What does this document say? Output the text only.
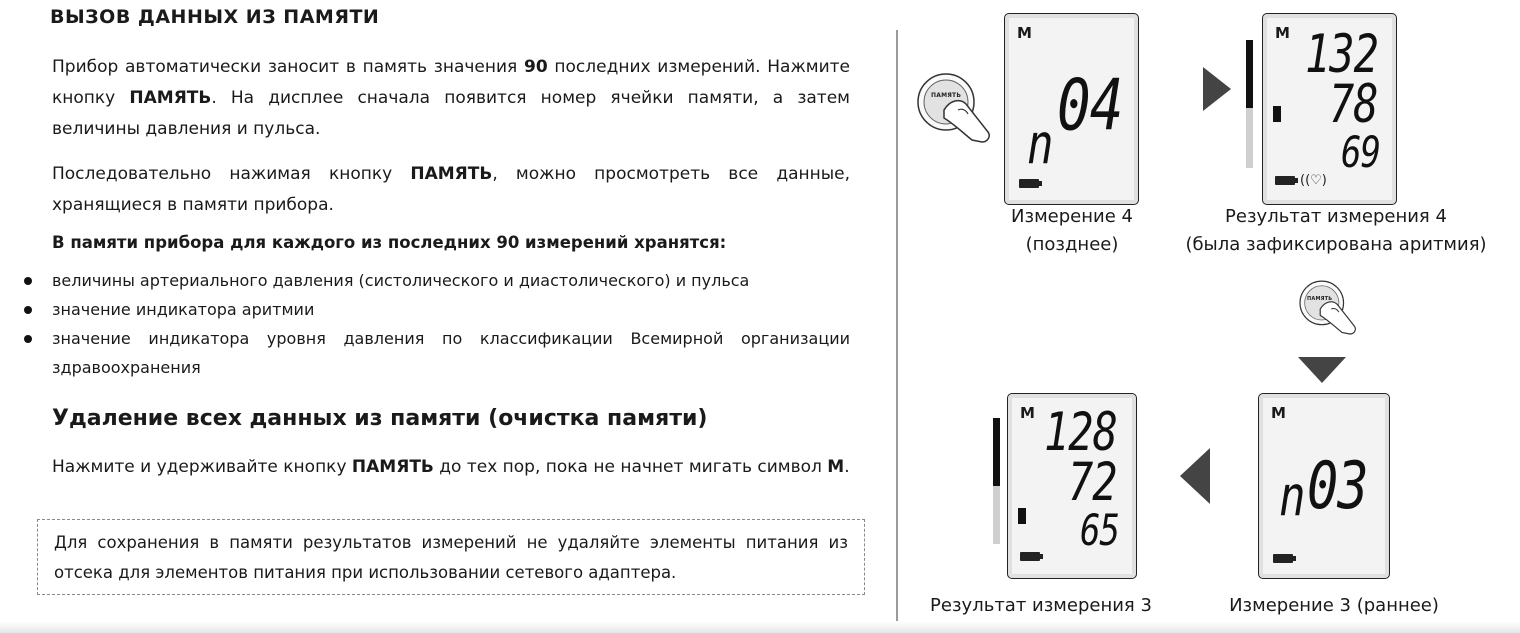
ВЫЗОВ ДАННЫХ ИЗ ПАМЯТИ
Прибор автоматически заносит в память значения 90 последних измерений. Нажмите кнопку ПАМЯТЬ. На дисплее сначала появится номер ячейки памяти, а затем величины давления и пульса.
Последовательно нажимая кнопку ПАМЯТЬ, можно просмотреть все данные, хранящиеся в памяти прибора.
В памяти прибора для каждого из последних 90 измерений хранятся:
величины артериального давления (систолического и диастолического) и пульса
значение индикатора аритмии
значение индикатора уровня давления по классификации Всемирной организации здравоохранения
Удаление всех данных из памяти (очистка памяти)
Нажмите и удерживайте кнопку ПАМЯТЬ до тех пор, пока не начнет мигать символ M.
Для сохранения в памяти результатов измерений не удаляйте элементы питания из отсека для элементов питания при использовании сетевого адаптера.
ПАМЯТЬ
M
n 04
M 132
78
69
((♡)
Измерение 4
(позднее)
Результат измерения 4
(была зафиксирована аритмия)
ПАМЯТЬ
M 128
72
65
M
n 03
Результат измерения 3	Измерение 3 (раннее)
